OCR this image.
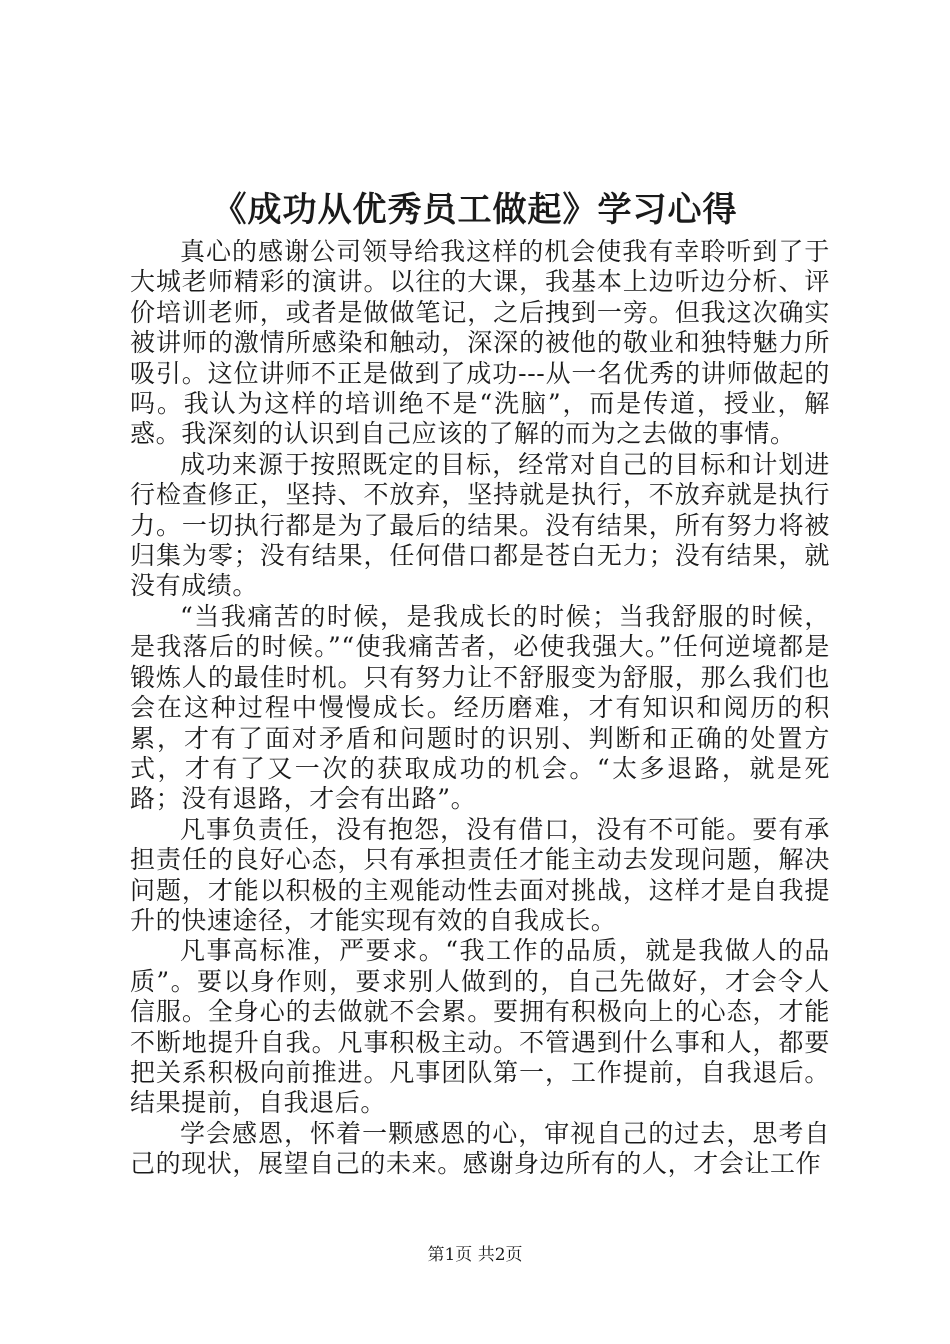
《成功从优秀员工做起》学习心得

真心的感谢公司领导给我这样的机会使我有幸聆听到了于大城老师精彩的演讲。以往的大课，我基本上边听边分析、评价培训老师，或者是做做笔记，之后拽到一旁。但我这次确实被讲师的激情所感染和触动，深深的被他的敬业和独特魅力所吸引。这位讲师不正是做到了成功---从一名优秀的讲师做起的吗。我认为这样的培训绝不是“洗脑”，而是传道，授业，解惑。我深刻的认识到自己应该的了解的而为之去做的事情。

成功来源于按照既定的目标，经常对自己的目标和计划进行检查修正，坚持、不放弃，坚持就是执行，不放弃就是执行力。一切执行都是为了最后的结果。没有结果，所有努力将被归集为零；没有结果，任何借口都是苍白无力；没有结果，就没有成绩。

“当我痛苦的时候，是我成长的时候；当我舒服的时候，是我落后的时候。”“使我痛苦者，必使我强大。”任何逆境都是锻炼人的最佳时机。只有努力让不舒服变为舒服，那么我们也会在这种过程中慢慢成长。经历磨难，才有知识和阅历的积累，才有了面对矛盾和问题时的识别、判断和正确的处置方式，才有了又一次的获取成功的机会。“太多退路，就是死路；没有退路，才会有出路”。

凡事负责任，没有抱怨，没有借口，没有不可能。要有承担责任的良好心态，只有承担责任才能主动去发现问题，解决问题，才能以积极的主观能动性去面对挑战，这样才是自我提升的快速途径，才能实现有效的自我成长。

凡事高标准，严要求。“我工作的品质，就是我做人的品质”。要以身作则，要求别人做到的，自己先做好，才会令人信服。全身心的去做就不会累。要拥有积极向上的心态，才能不断地提升自我。凡事积极主动。不管遇到什么事和人，都要把关系积极向前推进。凡事团队第一，工作提前，自我退后。结果提前，自我退后。

学会感恩，怀着一颗感恩的心，审视自己的过去，思考自己的现状，展望自己的未来。感谢身边所有的人，才会让工作

第1页 共2页
